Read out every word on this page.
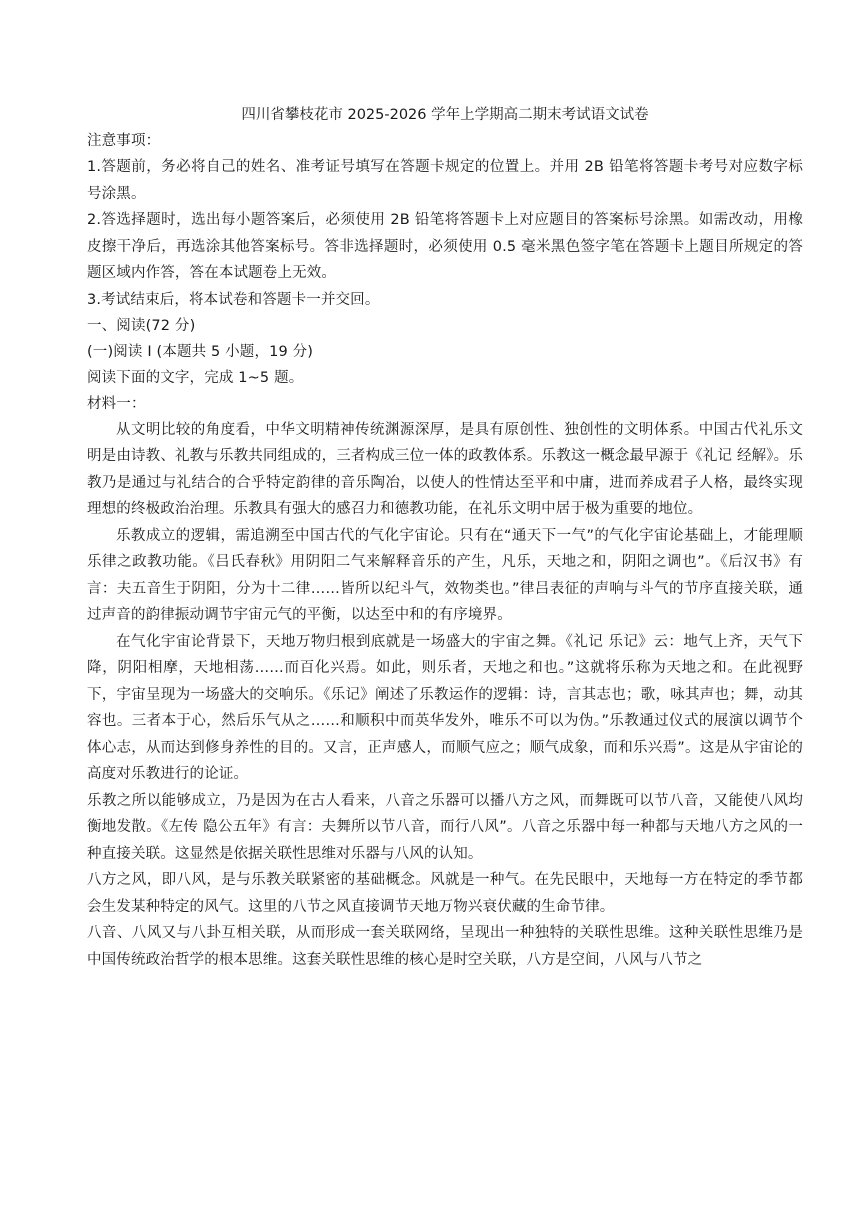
四川省攀枝花市 2025-2026 学年上学期高二期末考试语文试卷

注意事项：

1.答题前，务必将自己的姓名、准考证号填写在答题卡规定的位置上。并用 2B 铅笔将答题卡考号对应数字标号涂黑。

2.答选择题时，选出每小题答案后，必须使用 2B 铅笔将答题卡上对应题目的答案标号涂黑。如需改动，用橡皮擦干净后，再选涂其他答案标号。答非选择题时，必须使用 0.5 毫米黑色签字笔在答题卡上题目所规定的答题区域内作答，答在本试题卷上无效。

3.考试结束后，将本试卷和答题卡一并交回。

一、阅读(72 分)

(一)阅读 I (本题共 5 小题，19 分)

阅读下面的文字，完成 1~5 题。

材料一：

从文明比较的角度看，中华文明精神传统渊源深厚，是具有原创性、独创性的文明体系。中国古代礼乐文明是由诗教、礼教与乐教共同组成的，三者构成三位一体的政教体系。乐教这一概念最早源于《礼记 经解》。乐教乃是通过与礼结合的合乎特定韵律的音乐陶冶，以使人的性情达至平和中庸，进而养成君子人格，最终实现理想的终极政治治理。乐教具有强大的感召力和德教功能，在礼乐文明中居于极为重要的地位。

乐教成立的逻辑，需追溯至中国古代的气化宇宙论。只有在“通天下一气”的气化宇宙论基础上，才能理顺乐律之政教功能。《吕氏春秋》用阴阳二气来解释音乐的产生，凡乐，天地之和，阴阳之调也”。《后汉书》有言：夫五音生于阴阳，分为十二律……皆所以纪斗气，效物类也。”律吕表征的声响与斗气的节序直接关联，通过声音的韵律振动调节宇宙元气的平衡，以达至中和的有序境界。

在气化宇宙论背景下，天地万物归根到底就是一场盛大的宇宙之舞。《礼记 乐记》云：地气上齐，天气下降，阴阳相摩，天地相荡……而百化兴焉。如此，则乐者，天地之和也。”这就将乐称为天地之和。在此视野下，宇宙呈现为一场盛大的交响乐。《乐记》阐述了乐教运作的逻辑：诗，言其志也；歌，咏其声也；舞，动其容也。三者本于心，然后乐气从之……和顺积中而英华发外，唯乐不可以为伪。”乐教通过仪式的展演以调节个体心志，从而达到修身养性的目的。又言，正声感人，而顺气应之；顺气成象，而和乐兴焉”。这是从宇宙论的高度对乐教进行的论证。

乐教之所以能够成立，乃是因为在古人看来，八音之乐器可以播八方之风，而舞既可以节八音，又能使八风均衡地发散。《左传 隐公五年》有言：夫舞所以节八音，而行八风”。八音之乐器中每一种都与天地八方之风的一种直接关联。这显然是依据关联性思维对乐器与八风的认知。

八方之风，即八风，是与乐教关联紧密的基础概念。风就是一种气。在先民眼中，天地每一方在特定的季节都会生发某种特定的风气。这里的八节之风直接调节天地万物兴衰伏藏的生命节律。

八音、八风又与八卦互相关联，从而形成一套关联网络，呈现出一种独特的关联性思维。这种关联性思维乃是中国传统政治哲学的根本思维。这套关联性思维的核心是时空关联，八方是空间，八风与八节之
